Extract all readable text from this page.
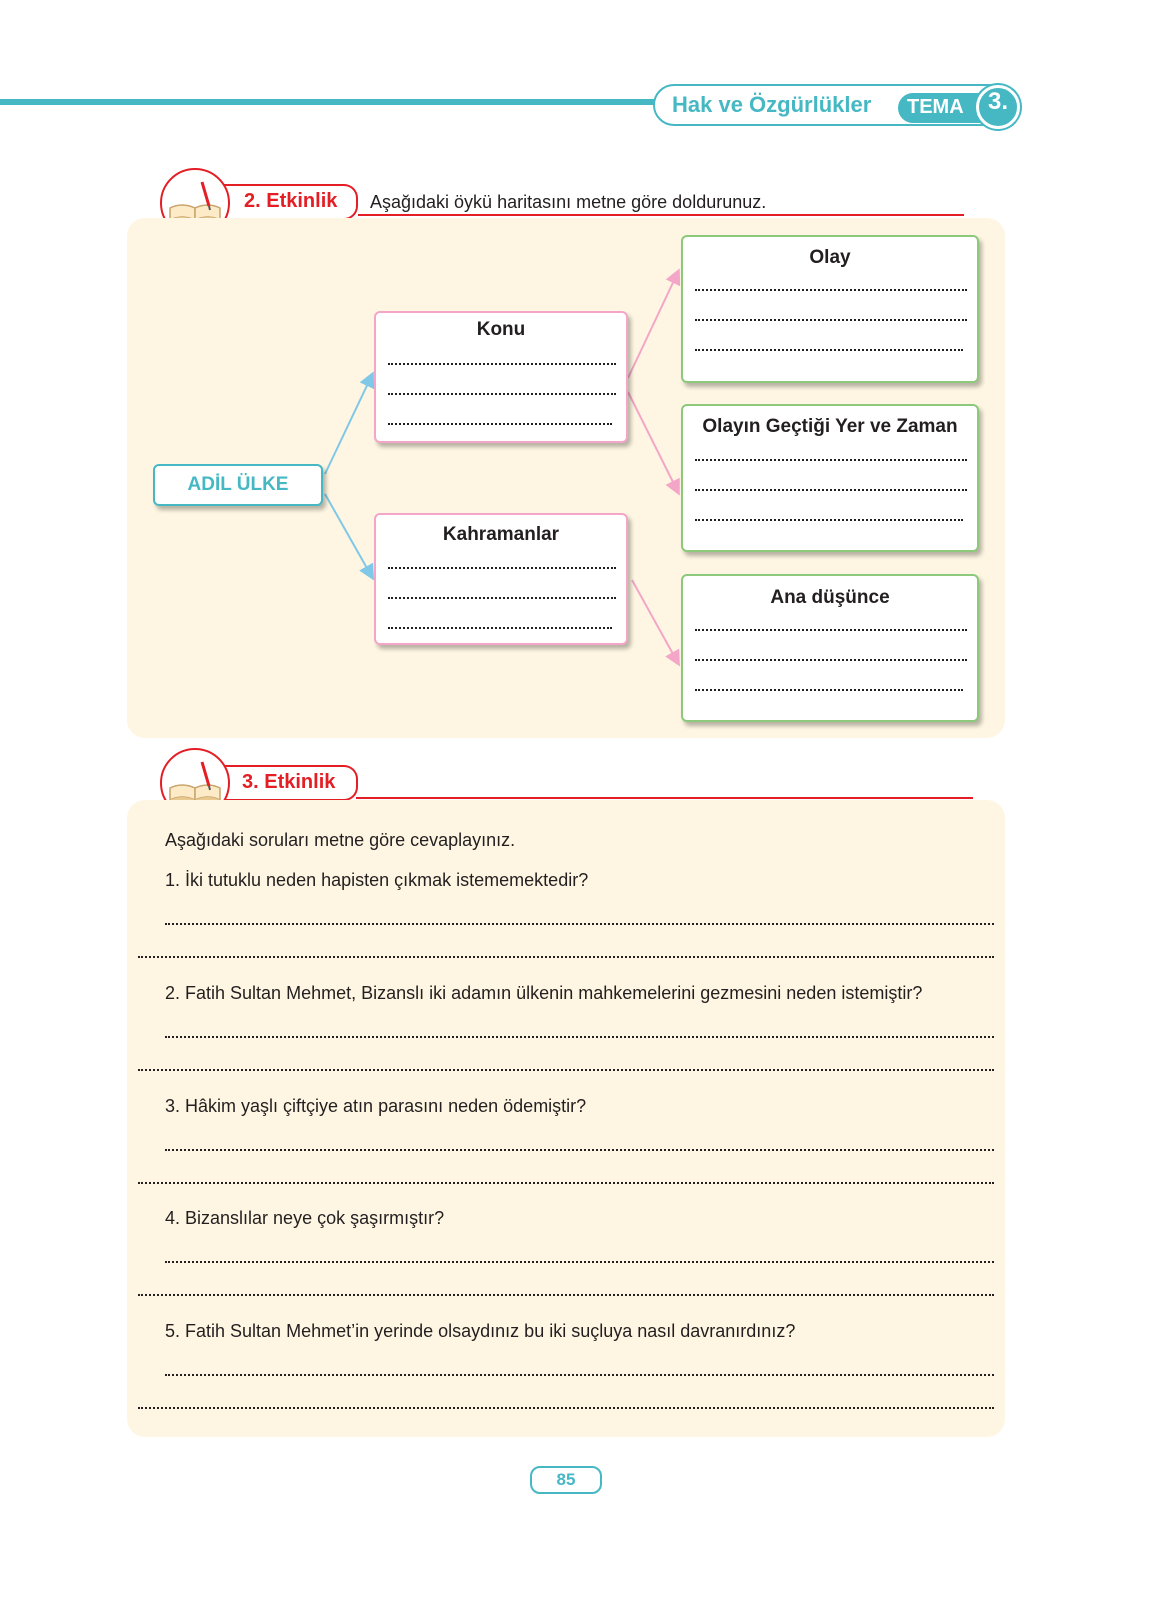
Hak ve Özgürlükler TEMA	3.
2. Etkinlik Aşağıdaki öykü haritasını metne göre doldurunuz.
ADİL ÜLKE
Konu
Kahramanlar
Olay
Olayın Geçtiği Yer ve Zaman
Ana düşünce
3. Etkinlik
Aşağıdaki soruları metne göre cevaplayınız.
1. İki tutuklu neden hapisten çıkmak istememektedir?
2. Fatih Sultan Mehmet, Bizanslı iki adamın ülkenin mahkemelerini gezmesini neden istemiştir?
3. Hâkim yaşlı çiftçiye atın parasını neden ödemiştir?
4. Bizanslılar neye çok şaşırmıştır?
5. Fatih Sultan Mehmet’in yerinde olsaydınız bu iki suçluya nasıl davranırdınız?
85
